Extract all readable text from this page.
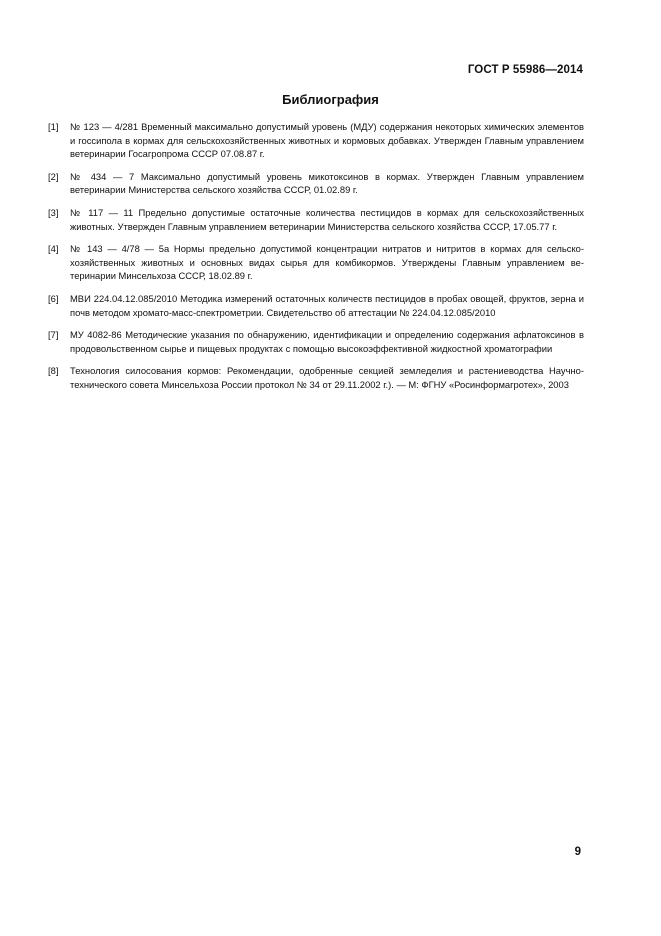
ГОСТ Р 55986—2014
Библиография
[1]	№ 123 — 4/281 Временный максимально допустимый уровень (МДУ) содержания некоторых химических элементов и госсипола в кормах для сельскохозяйственных животных и кормовых добавках. Утвержден Главным управлением ветеринарии Госагропрома СССР 07.08.87 г.
[2]	№ 434 — 7 Максимально допустимый уровень микотоксинов в кормах. Утвержден Главным управлением ветеринарии Министерства сельского хозяйства СССР, 01.02.89 г.
[3]	№ 117 — 11 Предельно допустимые остаточные количества пестицидов в кормах для сельскохозяйственных животных. Утвержден Главным управлением ветеринарии Министерства сельского хозяйства СССР, 17.05.77 г.
[4]	№ 143 — 4/78 — 5а Нормы предельно допустимой концентрации нитратов и нитритов в кормах для сельскохозяйственных животных и основных видах сырья для комбикормов. Утверждены Главным управлением ветеринарии Минсельхоза СССР, 18.02.89 г.
[6]	МВИ 224.04.12.085/2010 Методика измерений остаточных количеств пестицидов в пробах овощей, фруктов, зерна и почв методом хромато-масс-спектрометрии. Свидетельство об аттестации № 224.04.12.085/2010
[7]	МУ 4082-86 Методические указания по обнаружению, идентификации и определению содержания афлатоксинов в продовольственном сырье и пищевых продуктах с помощью высокоэффективной жидкостной хроматографии
[8]	Технология силосования кормов: Рекомендации, одобренные секцией земледелия и растениеводства Научно-технического совета Минсельхоза России протокол № 34 от 29.11.2002 г.). — М: ФГНУ «Росинформагротех», 2003
9
